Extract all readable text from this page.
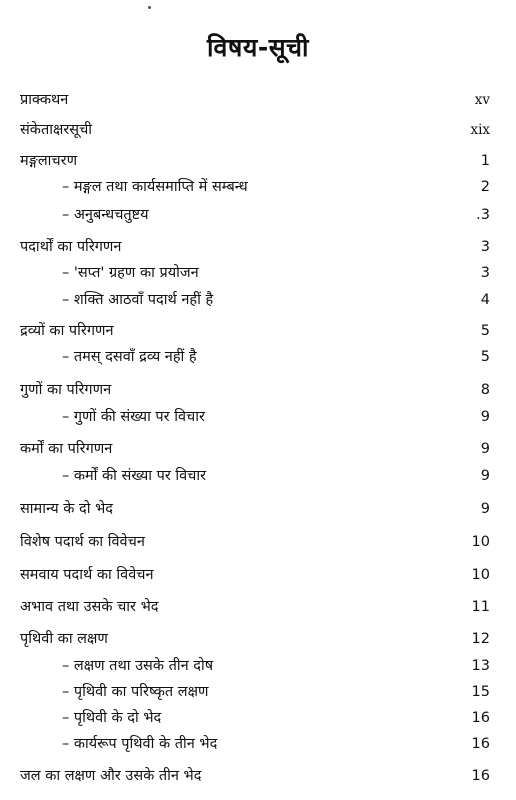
विषय-सूची
प्राक्कथन	xv
संकेताक्षरसूची	xix
मङ्गलाचरण	1
– मङ्गल तथा कार्यसमाप्ति में सम्बन्ध	2
– अनुबन्धचतुष्टय	.3
पदार्थों का परिगणन	3
– 'सप्त' ग्रहण का प्रयोजन	3
– शक्ति आठवाँ पदार्थ नहीं है	4
द्रव्यों का परिगणन	5
– तमस् दसवाँ द्रव्य नहीं है	5
गुणों का परिगणन	8
– गुणों की संख्या पर विचार	9
कर्मों का परिगणन	9
– कर्मों की संख्या पर विचार	9
सामान्य के दो भेद	9
विशेष पदार्थ का विवेचन	10
समवाय पदार्थ का विवेचन	10
अभाव तथा उसके चार भेद	11
पृथिवी का लक्षण	12
– लक्षण तथा उसके तीन दोष	13
– पृथिवी का परिष्कृत लक्षण	15
– पृथिवी के दो भेद	16
– कार्यरूप पृथिवी के तीन भेद	16
जल का लक्षण और उसके तीन भेद	16
